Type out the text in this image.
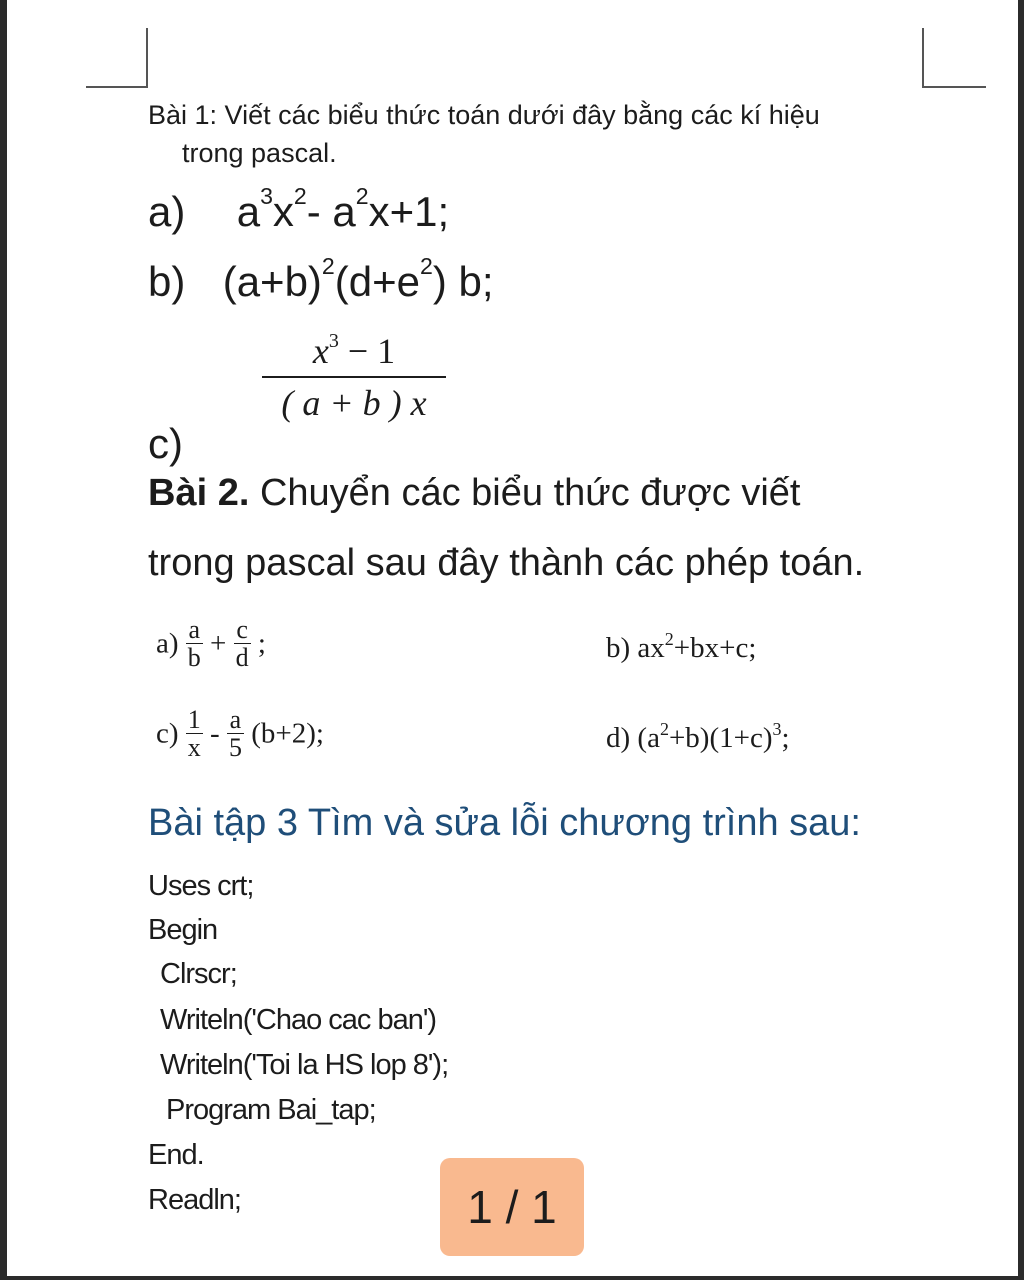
Bài 1: Viết các biểu thức toán dưới đây bằng các kí hiệu
trong pascal.
a) $a^3x^2-$ $a^2x+1$;
b) $(a+b)^2(d+e^2)$ b;
$x^3 - 1$
( a + b ) x
c)
Bài 2. Chuyển các biểu thức được viết
trong pascal sau đây thành các phép toán.
$a) \frac{a}{b} + \frac{c}{d}$ ;	b) $ax^2+bx+c$;
$c) \frac{1}{x} - \frac{a}{5} (b+2)$;	d) $(a^2+b)(1+c)^3$;
Bài tập 3 Tìm và sửa lỗi chương trình sau:
Uses crt;
Begin
Clrscr;
Writeln('Chao cac ban')
Writeln('Toi la HS lop 8');
Program Bai_tap;
End.
Readln;	1 / 1
